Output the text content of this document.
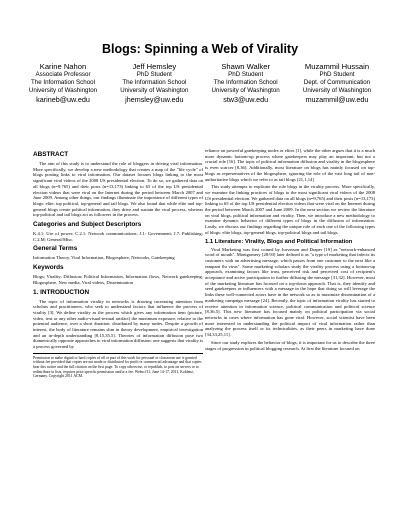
Blogs: Spinning a Web of Virality
Karine Nahon
Associate Professor
The Information School
University of Washington
karineb@uw.edu
Jeff Hemsley
PhD Student
The Information School
University of Washington
jhemsley@uw.edu
Shawn Walker
PhD Student
The Information School
University of Washington
stw3@uw.edu
Muzammil Hussain
PhD Student
Dept. of Communication
University of Washington
muzammil@uw.edu
ABSTRACT

The aim of this study is to understand the role of bloggers in driving viral information. More specifically, we develop a new methodology that creates a map of the "life cycle" of blogs posting links to viral information. Our dataset focuses blogs linking to the most significant viral videos of the 2008 US presidential election. To do so, we gathered data on all blogs (n=9,765) and their posts (n=13,173) linking to 65 of the top US presidential election videos that were viral on the Internet during the period between March 2007 and June 2009. Among other things, our findings illuminate the importance of different types of blogs: elite, top political, top-general and tail blogs. We also found that while elite and top-general blogs create political information, they drive and sustain the viral process, whereas top-political and tail blogs act as followers in the process.

Categories and Subject Descriptors

K.4.1: Use of power; C.2.1: Network communications; J.1: Government; J.7: Publishing; C.2.M: General/Misc.

General Terms

Information Theory, Viral Information, Blogosphere, Networks, Gatekeeping

Keywords

Blogs; Virality; Diffusion; Political Information, Information flows, Network gatekeeping, Blogosphere, New media, Viral videos, Dissemination

1. INTRODUCTION

The topic of information virality in networks is drawing increasing attention from scholars and practitioners, who seek to understand factors that influence the process of virality [3]. We define virality as the process which gives any information item (picture, video, text or any other audio-visual-textual artifact) the maximum exposure, relative to the potential audience, over a short duration, distributed by many nodes. Despite a growth of interest, the body of literature remains slim in theory development, empirical investigation and an in-depth understanding [8,15,35,5]. Theories of information diffusion pose two diametrically opposite approaches to viral information diffusion: one suggests that virality is a process governed by

Permission to make digital or hard copies of all or part of this work for personal or classroom use is granted without fee provided that copies are not made or distributed for profit or commercial advantage and that copies bear this notice and the full citation on the first page. To copy otherwise, or republish, to post on servers or to redistribute to lists, requires prior specific permission and/or a fee. Websci'11, June 14-17, 2011, Koblenz, Germany. Copyright 2011 ACM.

reliance on powerful gatekeeping nodes or elites [1], while the other argues that it is a much more dynamic bottom-up process where gatekeepers may play an important, but not a crucial role [16]. The topic of political information diffusion and virality in the blogosphere is even scarcer [8,36]. Additionally, most literature on blogs has mainly focused on top-blogs as representatives of the blogosphere, ignoring the role of the vast long tail of non-authoritative blogs which we refer to as tail blogs [21,1,14].

This study attempts to explicate the role blogs in the virality process. More specifically, we examine the linking practices of blogs to the most significant viral videos of the 2008 US presidential election. We gathered data on all blogs (n=9,765) and their posts (n=13,173) linking to 65 of the top US presidential election videos that were viral on the Internet during the period between March 2007 and June 2009. In the next section we review the literature on viral blogs, political information and virality. Then, we introduce a new methodology to examine dynamic behavior of different types of blogs in the diffusion of information. Lastly, we discuss our findings regarding the unique role of each one of the following types of blogs: elite blogs, top-general blogs, top-political blogs and tail blogs.

1.1 Literature: Virality, Blogs and Political Information

Viral Marketing was first coined by Jurvetson and Draper [19] as "network-enhanced word of mouth". Montgomery [28:93] later defined it as "a type of marketing that infects its customers with an advertising message, which passes from one customer to the next like a rampant flu virus". Some marketing scholars study the virality process using a bottom-up approach, examining factors like trust, perceived risk and perceived cost of recipient's acceptance and active participation in further diffusing the message [31,32]. However, most of the marketing literature has focused on a top-down approach. That is, they identify and seed gatekeepers or influencers with a message in the hope that doing so will leverage the links these well-connected actors have in the network so as to maximize dissemination of a marketing campaign message [24]. Recently, the topic of information virality has started to receive attention in information science, political communication and political science [8,36,5]. This new literature has focused mainly on political participation via social networks in cases where information has gone viral. However, social scientist have been more interested in understanding the political impact of viral information rather than analyzing the process itself or its technicalities, as their peers in marketing have done [34,33,25,11].

Since our study explores the behavior of blogs, it is important for us to describe the three stages of progression in political blogging research. At first the literature focused on
